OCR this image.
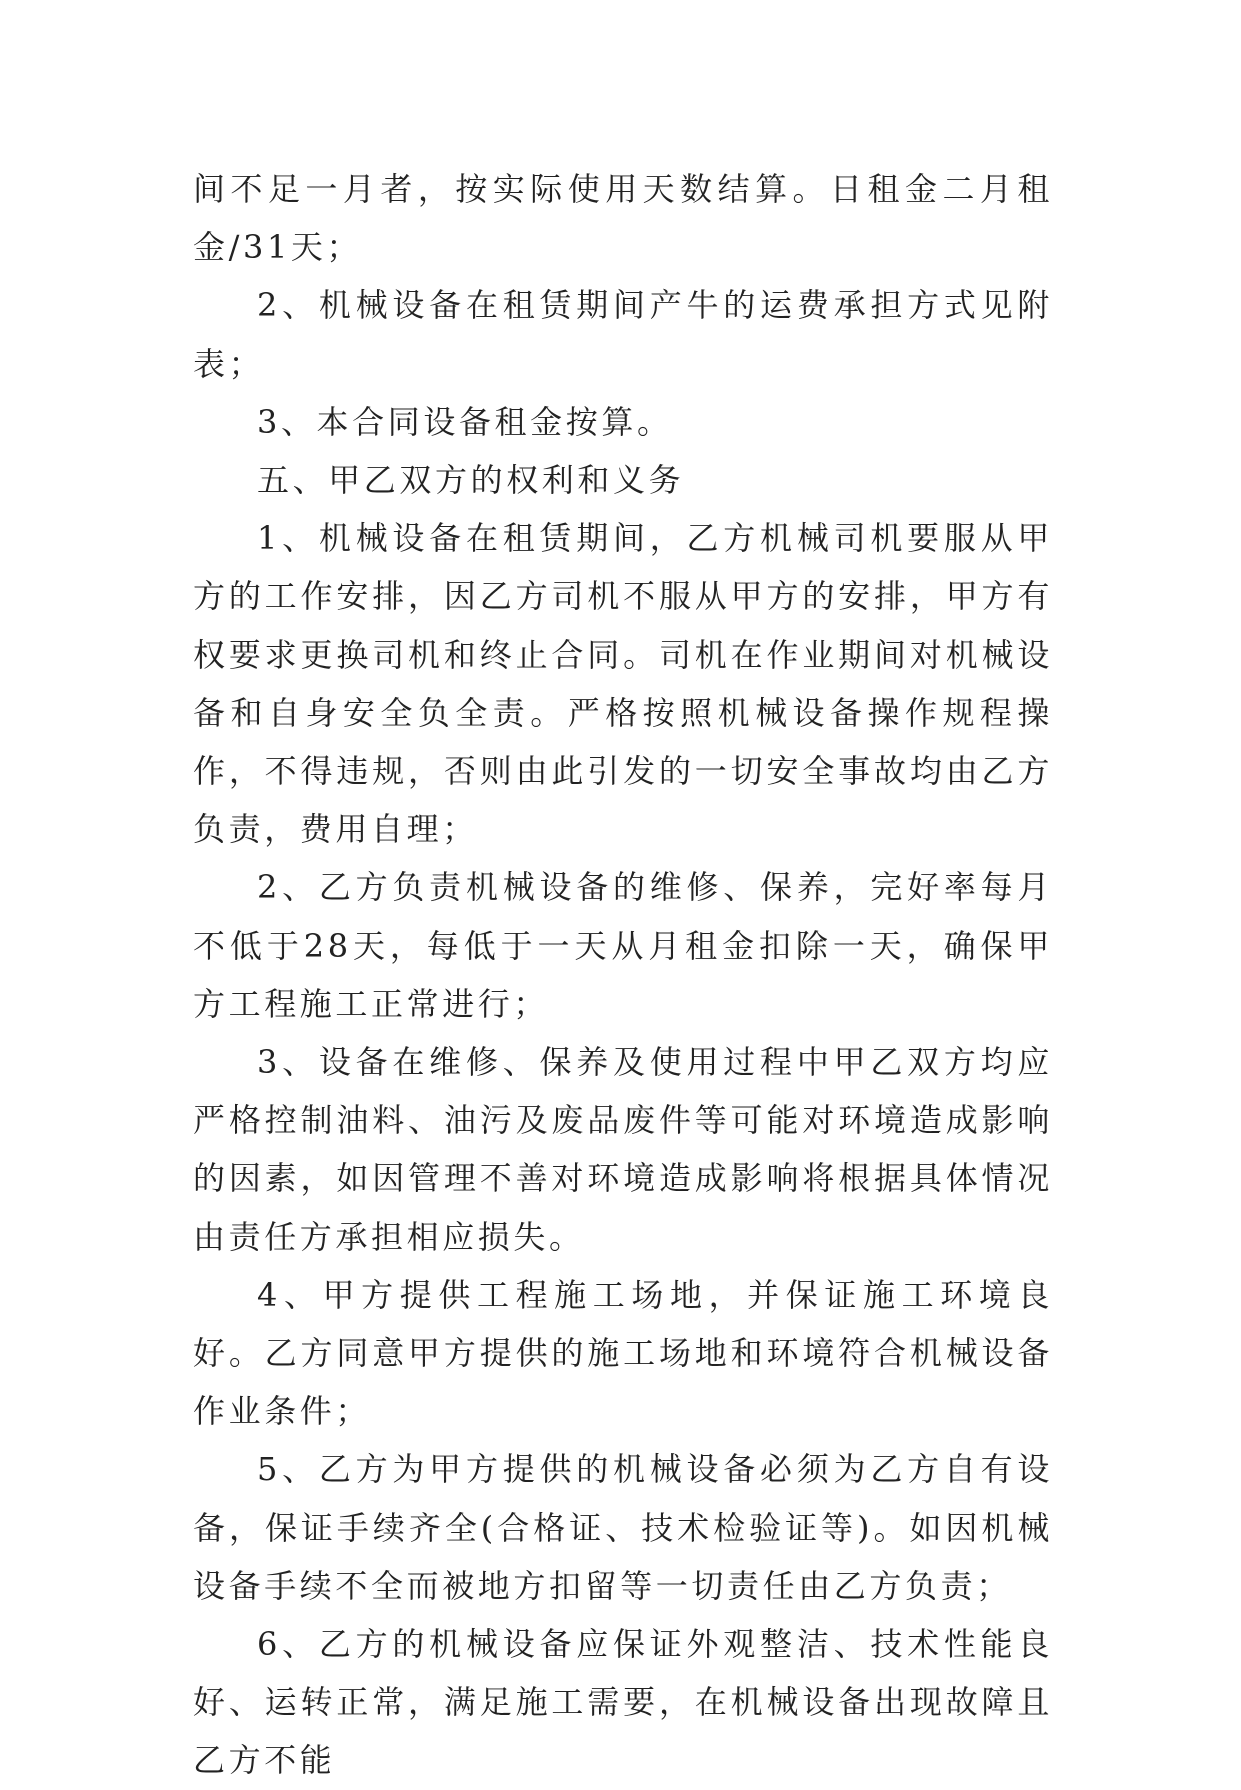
间不足一月者，按实际使用天数结算。日租金二月租金/31天；

2、机械设备在租赁期间产牛的运费承担方式见附表；

3、本合同设备租金按算。

五、甲乙双方的权利和义务

1、机械设备在租赁期间，乙方机械司机要服从甲方的工作安排，因乙方司机不服从甲方的安排，甲方有权要求更换司机和终止合同。司机在作业期间对机械设备和自身安全负全责。严格按照机械设备操作规程操作，不得违规，否则由此引发的一切安全事故均由乙方负责，费用自理；

2、乙方负责机械设备的维修、保养，完好率每月不低于28天，每低于一天从月租金扣除一天，确保甲方工程施工正常进行；

3、设备在维修、保养及使用过程中甲乙双方均应严格控制油料、油污及废品废件等可能对环境造成影响的因素，如因管理不善对环境造成影响将根据具体情况由责任方承担相应损失。

4、甲方提供工程施工场地，并保证施工环境良好。乙方同意甲方提供的施工场地和环境符合机械设备作业条件；

5、乙方为甲方提供的机械设备必须为乙方自有设备，保证手续齐全(合格证、技术检验证等)。如因机械设备手续不全而被地方扣留等一切责任由乙方负责；

6、乙方的机械设备应保证外观整洁、技术性能良好、运转正常，满足施工需要，在机械设备出现故障且乙方不能
